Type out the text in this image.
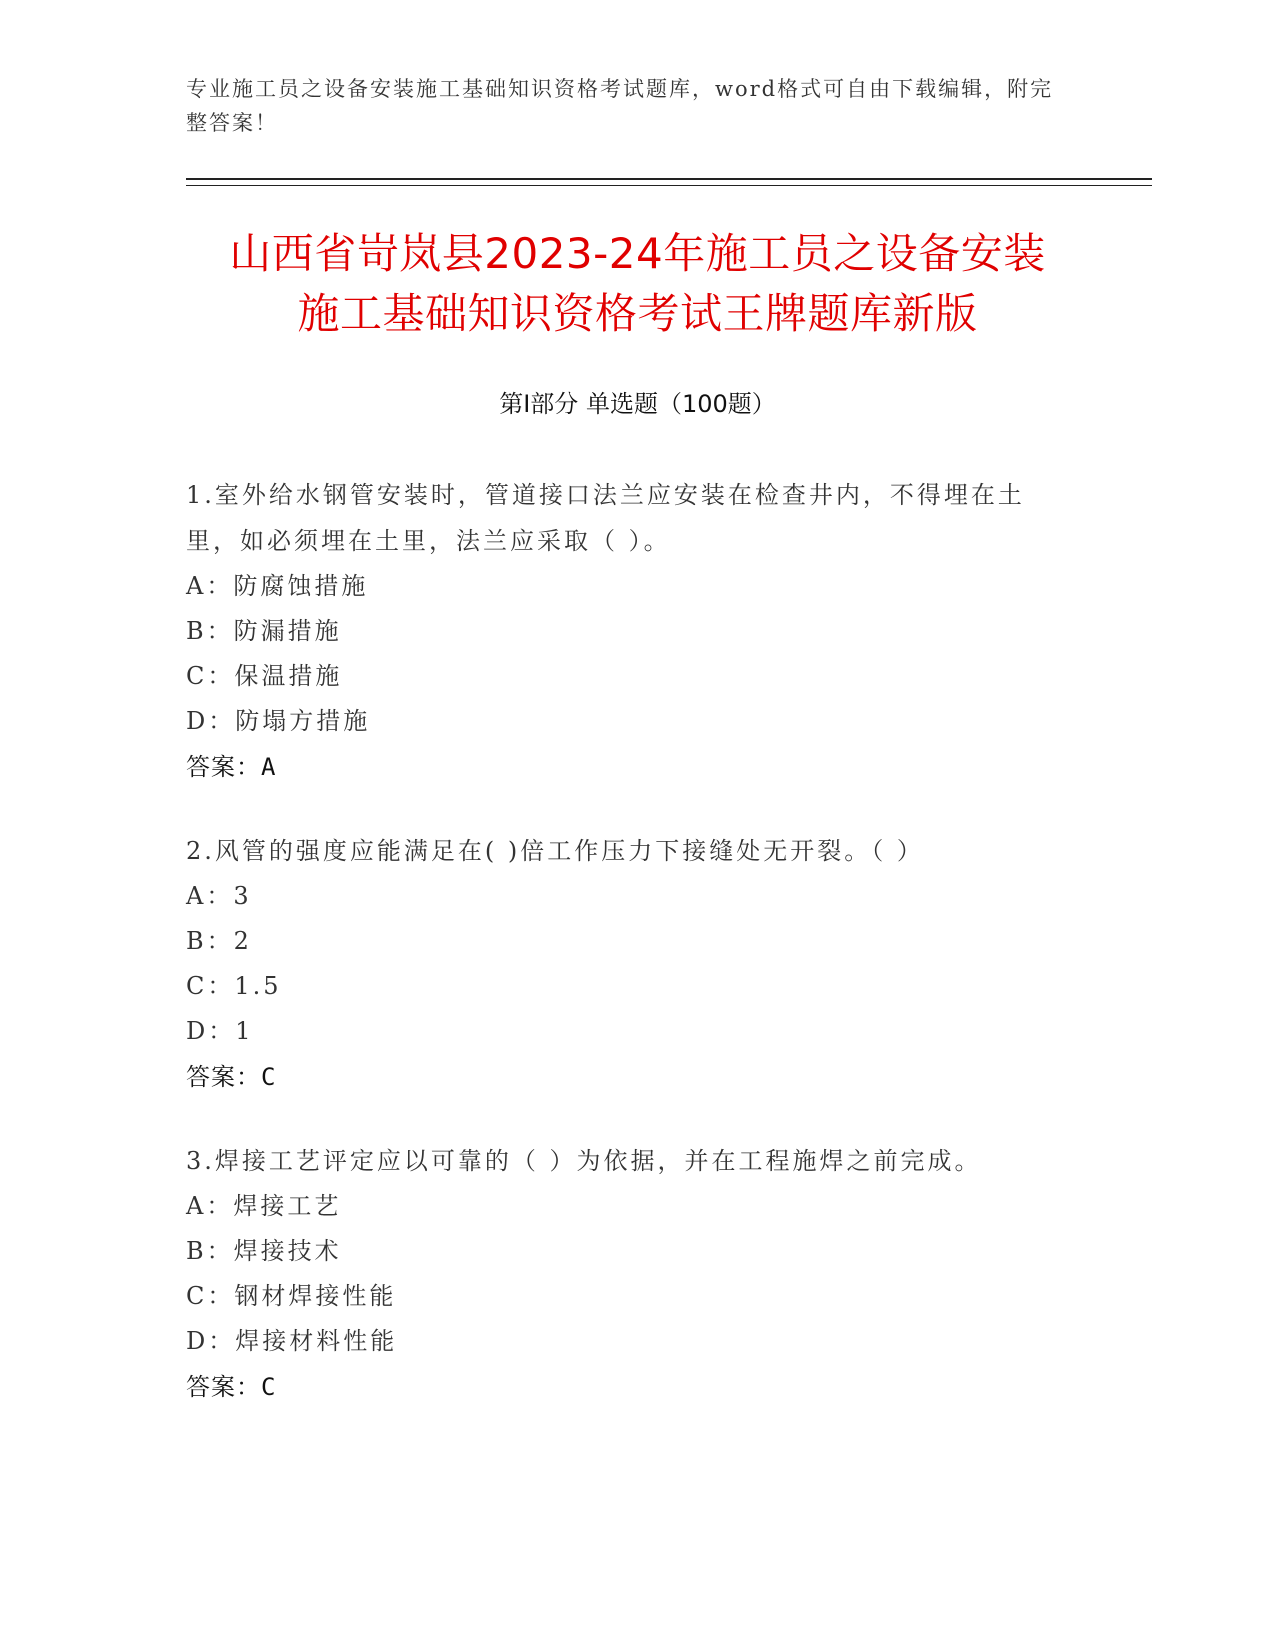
专业施工员之设备安装施工基础知识资格考试题库，word格式可自由下载编辑，附完整答案！
山西省岢岚县2023-24年施工员之设备安装
施工基础知识资格考试王牌题库新版
第Ⅰ部分 单选题（100题）
1.室外给水钢管安装时，管道接口法兰应安装在检查井内，不得埋在土里，如必须埋在土里，法兰应采取（ ）。
A：防腐蚀措施
B：防漏措施
C：保温措施
D：防塌方措施
答案：A
2.风管的强度应能满足在( )倍工作压力下接缝处无开裂。（ ）
A：3
B：2
C：1.5
D：1
答案：C
3.焊接工艺评定应以可靠的（ ）为依据，并在工程施焊之前完成。
A：焊接工艺
B：焊接技术
C：钢材焊接性能
D：焊接材料性能
答案：C
